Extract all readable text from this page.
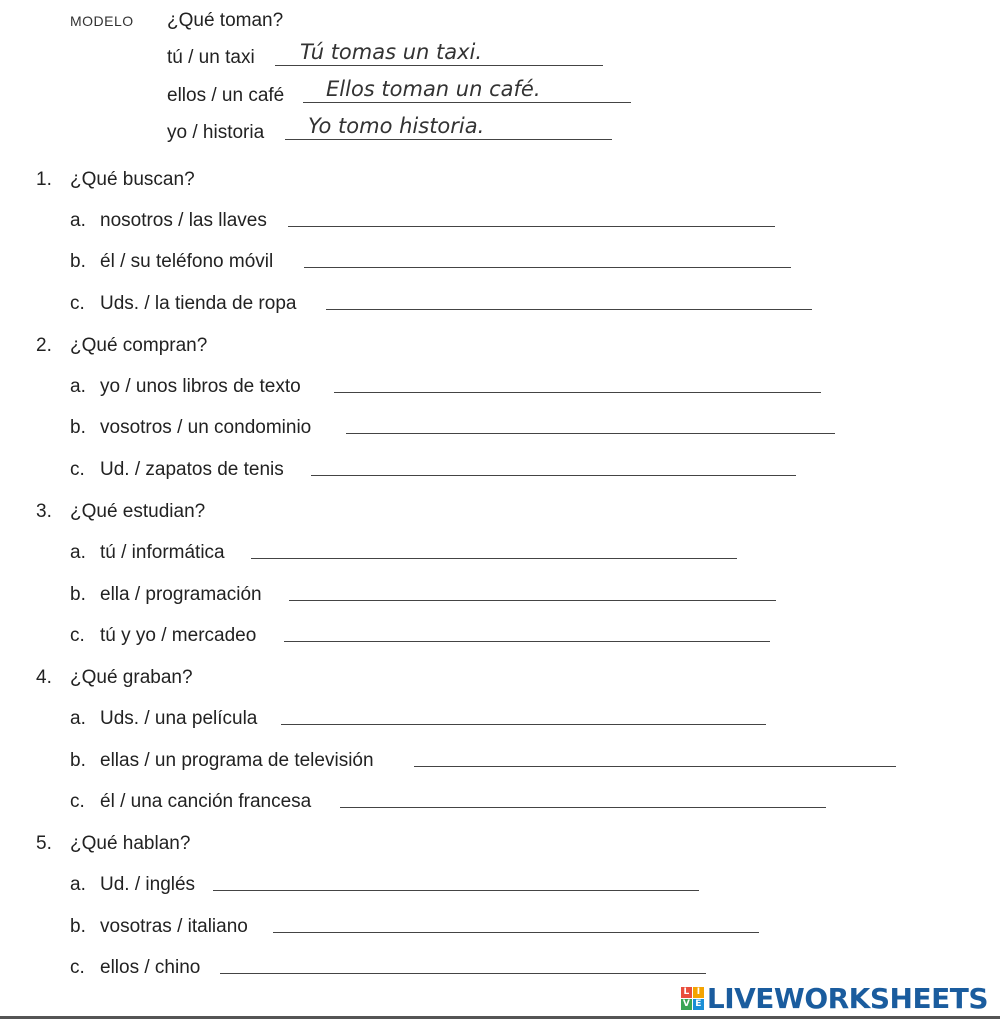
MODELO ¿Qué toman?
tú / un taxi Tú tomas un taxi.
ellos / un café Ellos toman un café.
yo / historia Yo tomo historia.
1. ¿Qué buscan?
a. nosotros / las llaves
b. él / su teléfono móvil
c. Uds. / la tienda de ropa
2. ¿Qué compran?
a. yo / unos libros de texto
b. vosotros / un condominio
c. Ud. / zapatos de tenis
3. ¿Qué estudian?
a. tú / informática
b. ella / programación
c. tú y yo / mercadeo
4. ¿Qué graban?
a. Uds. / una película
b. ellas / un programa de televisión
c. él / una canción francesa
5. ¿Qué hablan?
a. Ud. / inglés
b. vosotras / italiano
c. ellos / chino
L I
V E LIVEWORKSHEETS
